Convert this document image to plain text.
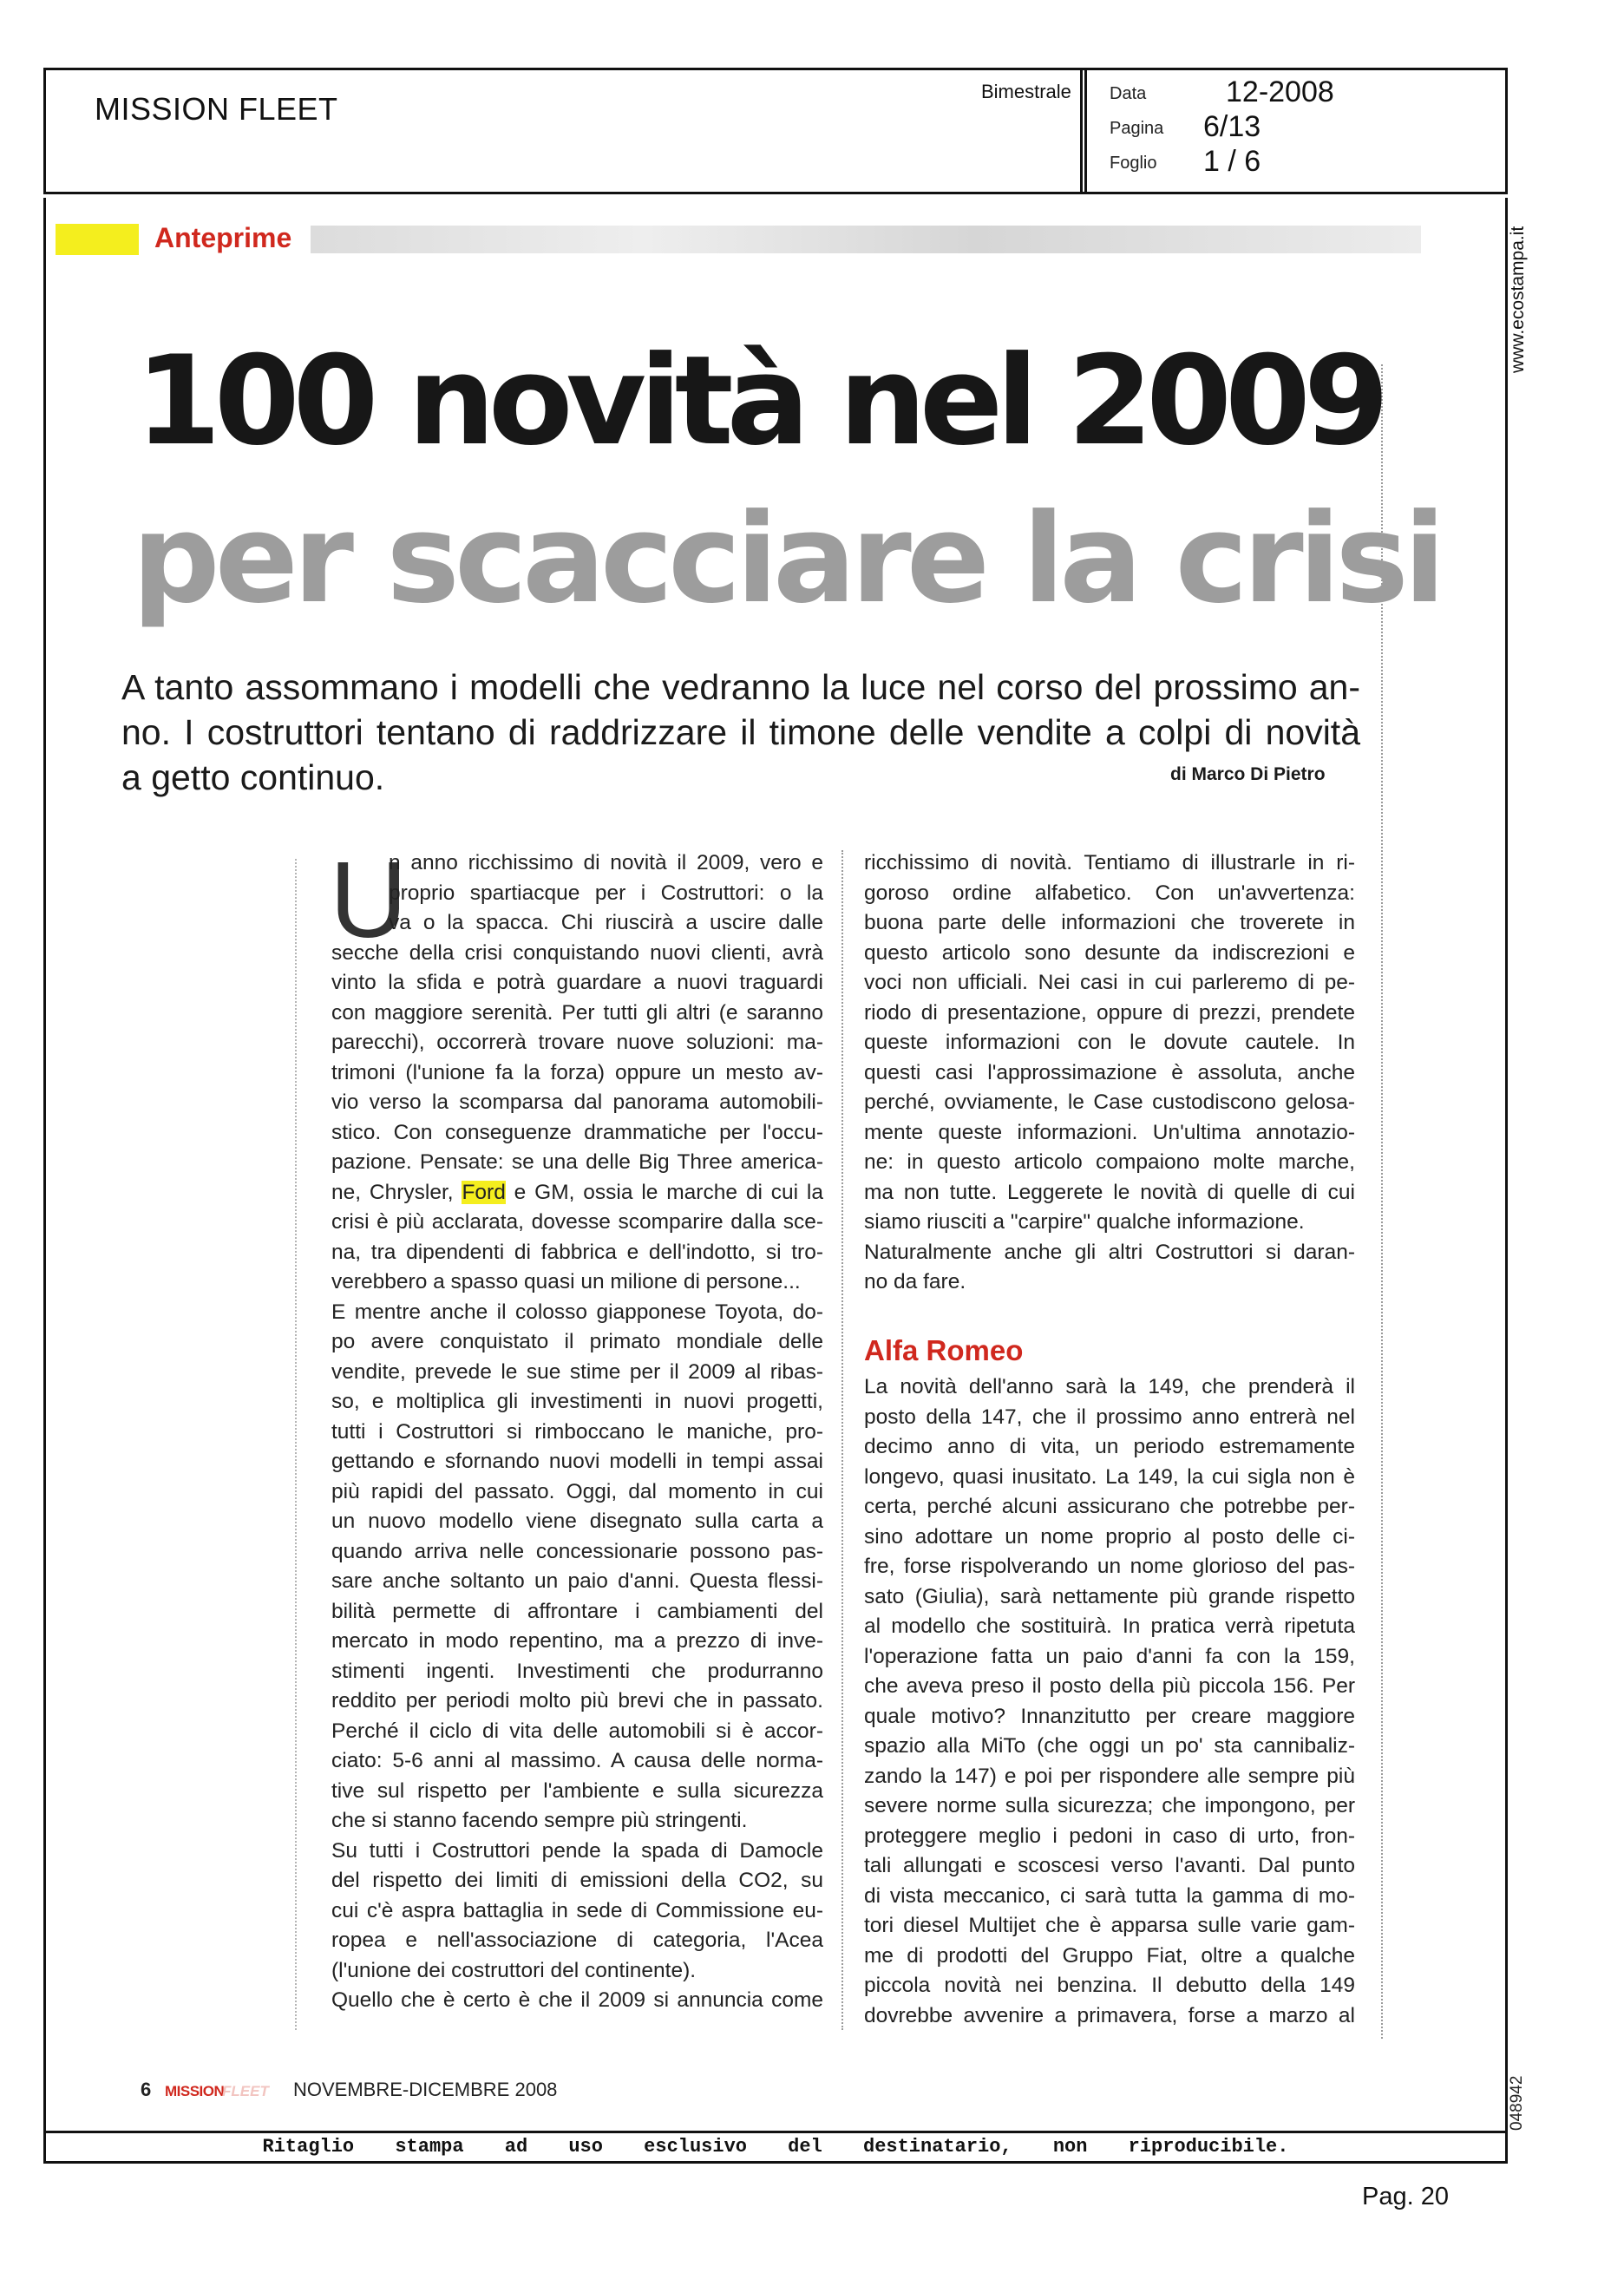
MISSION FLEET	Bimestrale Data	12-2008
Pagina 6/13
Foglio 1 / 6
Anteprime	www.ecostampa.it
048942
100 novità nel 2009
per scacciare la crisi
A tanto assommano i modelli che vedranno la luce nel corso del prossimo an-
no. I costruttori tentano di raddrizzare il timone delle vendite a colpi di novità
a getto continuo.	di Marco Di Pietro
U
n anno ricchissimo di novità il 2009, vero e
proprio spartiacque per i Costruttori: o la
va o la spacca. Chi riuscirà a uscire dalle
secche della crisi conquistando nuovi clienti, avrà
vinto la sfida e potrà guardare a nuovi traguardi
con maggiore serenità. Per tutti gli altri (e saranno
parecchi), occorrerà trovare nuove soluzioni: ma-
trimoni (l'unione fa la forza) oppure un mesto av-
vio verso la scomparsa dal panorama automobili-
stico. Con conseguenze drammatiche per l'occu-
pazione. Pensate: se una delle Big Three america-
ne, Chrysler, Ford e GM, ossia le marche di cui la
crisi è più acclarata, dovesse scomparire dalla sce-
na, tra dipendenti di fabbrica e dell'indotto, si tro-
verebbero a spasso quasi un milione di persone...
E mentre anche il colosso giapponese Toyota, do-
po avere conquistato il primato mondiale delle
vendite, prevede le sue stime per il 2009 al ribas-
so, e moltiplica gli investimenti in nuovi progetti,
tutti i Costruttori si rimboccano le maniche, pro-
gettando e sfornando nuovi modelli in tempi assai
più rapidi del passato. Oggi, dal momento in cui
un nuovo modello viene disegnato sulla carta a
quando arriva nelle concessionarie possono pas-
sare anche soltanto un paio d'anni. Questa flessi-
bilità permette di affrontare i cambiamenti del
mercato in modo repentino, ma a prezzo di inve-
stimenti ingenti. Investimenti che produrranno
reddito per periodi molto più brevi che in passato.
Perché il ciclo di vita delle automobili si è accor-
ciato: 5-6 anni al massimo. A causa delle norma-
tive sul rispetto per l'ambiente e sulla sicurezza
che si stanno facendo sempre più stringenti.
Su tutti i Costruttori pende la spada di Damocle
del rispetto dei limiti di emissioni della CO2, su
cui c'è aspra battaglia in sede di Commissione eu-
ropea e nell'associazione di categoria, l'Acea
(l'unione dei costruttori del continente).
Quello che è certo è che il 2009 si annuncia come
ricchissimo di novità. Tentiamo di illustrarle in ri-
goroso ordine alfabetico. Con un'avvertenza:
buona parte delle informazioni che troverete in
questo articolo sono desunte da indiscrezioni e
voci non ufficiali. Nei casi in cui parleremo di pe-
riodo di presentazione, oppure di prezzi, prendete
queste informazioni con le dovute cautele. In
questi casi l'approssimazione è assoluta, anche
perché, ovviamente, le Case custodiscono gelosa-
mente queste informazioni. Un'ultima annotazio-
ne: in questo articolo compaiono molte marche,
ma non tutte. Leggerete le novità di quelle di cui
siamo riusciti a "carpire" qualche informazione.
Naturalmente anche gli altri Costruttori si daran-
no da fare.
Alfa Romeo
La novità dell'anno sarà la 149, che prenderà il
posto della 147, che il prossimo anno entrerà nel
decimo anno di vita, un periodo estremamente
longevo, quasi inusitato. La 149, la cui sigla non è
certa, perché alcuni assicurano che potrebbe per-
sino adottare un nome proprio al posto delle ci-
fre, forse rispolverando un nome glorioso del pas-
sato (Giulia), sarà nettamente più grande rispetto
al modello che sostituirà. In pratica verrà ripetuta
l'operazione fatta un paio d'anni fa con la 159,
che aveva preso il posto della più piccola 156. Per
quale motivo? Innanzitutto per creare maggiore
spazio alla MiTo (che oggi un po' sta cannibaliz-
zando la 147) e poi per rispondere alle sempre più
severe norme sulla sicurezza; che impongono, per
proteggere meglio i pedoni in caso di urto, fron-
tali allungati e scoscesi verso l'avanti. Dal punto
di vista meccanico, ci sarà tutta la gamma di mo-
tori diesel Multijet che è apparsa sulle varie gam-
me di prodotti del Gruppo Fiat, oltre a qualche
piccola novità nei benzina. Il debutto della 149
dovrebbe avvenire a primavera, forse a marzo al
6 MISSION
FLEET NOVEMBRE-DICEMBRE 2008
Ritaglio stampa ad uso esclusivo del destinatario, non riproducibile.
Pag. 20
